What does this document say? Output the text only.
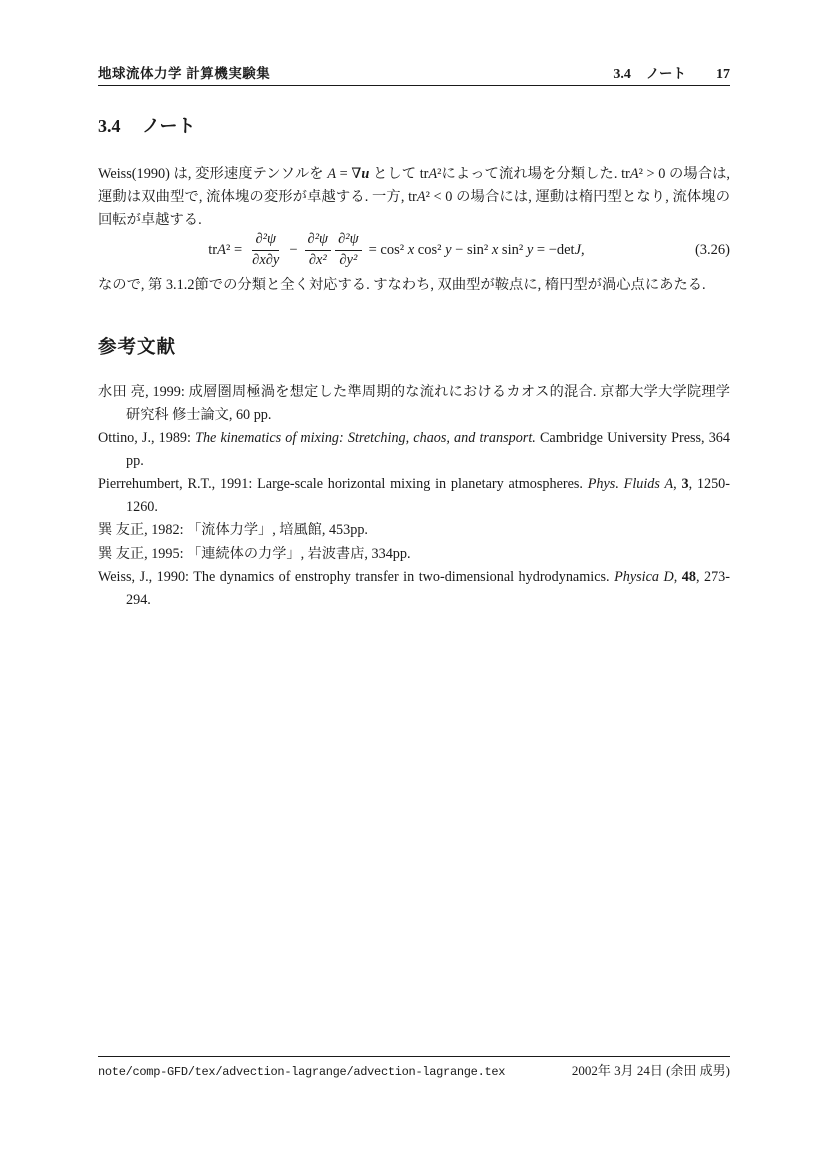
地球流体力学 計算機実験集	3.4 ノート 17
3.4 ノート

Weiss(1990) は, 変形速度テンソルを A = ∇u として trA²によって流れ場を分類した. trA² > 0 の場合は, 運動は双曲型で, 流体塊の変形が卓越する. 一方, trA² < 0 の場合には, 運動は楕円型となり, 流体塊の回転が卓越する.

$trA^2 = \frac{\text{∂²ψ}}{\partial x\partial y} - \frac{\text{∂²ψ}}{\text{∂x²}} \frac{\text{∂²ψ}}{\text{∂y²}} = \cos^2$ x cos² y − sin² x sin² y = −detJ,	(3.26)

なので, 第 3.1.2節での分類と全く対応する. すなわち, 双曲型が鞍点に, 楕円型が渦心点にあたる.

参考文献
水田 亮, 1999: 成層圏周極渦を想定した準周期的な流れにおけるカオス的混合. 京都大学大学院理学研究科 修士論文, 60 pp.
Ottino, J., 1989: The kinematics of mixing: Stretching, chaos, and transport. Cambridge University Press, 364 pp.
Pierrehumbert, R.T., 1991: Large-scale horizontal mixing in planetary atmospheres. Phys. Fluids A, 3, 1250-1260.
巽 友正, 1982: 「流体力学」, 培風館, 453pp.
巽 友正, 1995: 「連続体の力学」, 岩波書店, 334pp.
Weiss, J., 1990: The dynamics of enstrophy transfer in two-dimensional hydrodynamics. Physica D, 48, 273-294.
note/comp-GFD/tex/advection-lagrange/advection-lagrange.tex	2002年 3月 24日 (余田 成男)
